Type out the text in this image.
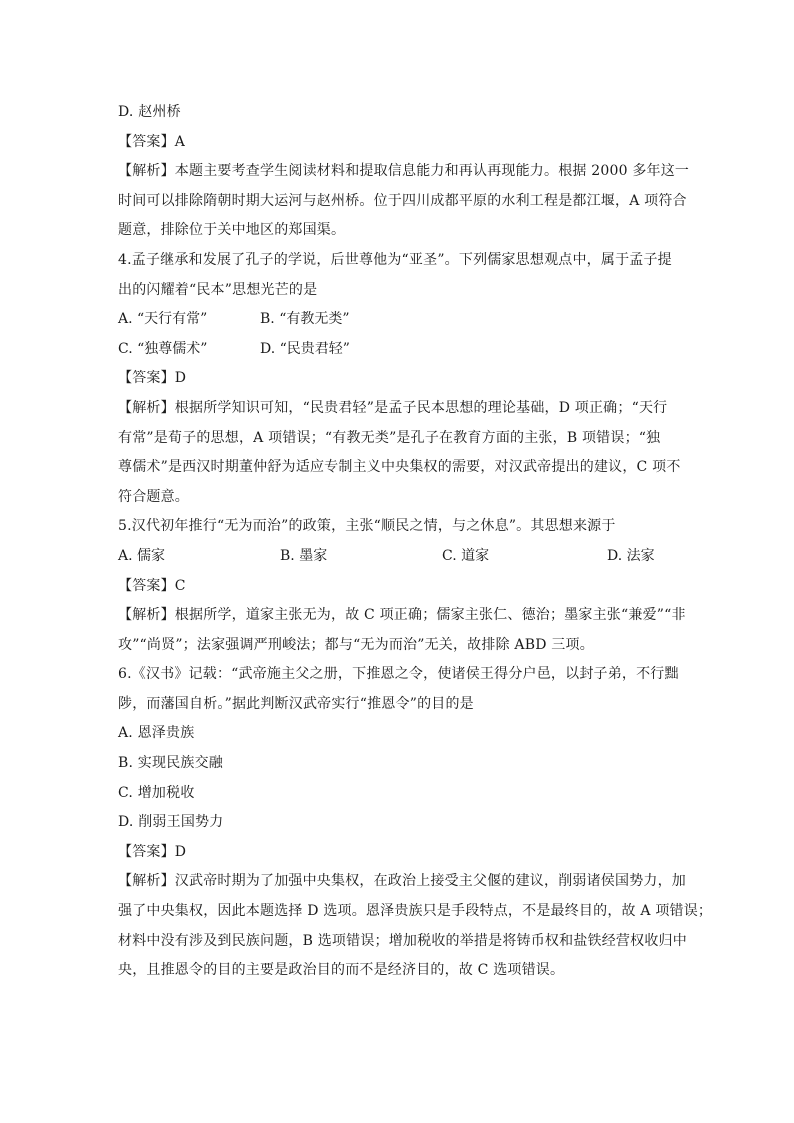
D. 赵州桥
【答案】A
【解析】本题主要考查学生阅读材料和提取信息能力和再认再现能力。根据 2000 多年这一
时间可以排除隋朝时期大运河与赵州桥。位于四川成都平原的水利工程是都江堰，A 项符合
题意，排除位于关中地区的郑国渠。
4.孟子继承和发展了孔子的学说，后世尊他为“亚圣”。下列儒家思想观点中，属于孟子提
出的闪耀着“民本”思想光芒的是
A. “天行有常”	B. “有教无类”
C. “独尊儒术”	D. “民贵君轻”
【答案】D
【解析】根据所学知识可知，“民贵君轻”是孟子民本思想的理论基础，D 项正确；“天行
有常”是荀子的思想，A 项错误；“有教无类”是孔子在教育方面的主张，B 项错误；“独
尊儒术”是西汉时期董仲舒为适应专制主义中央集权的需要，对汉武帝提出的建议，C 项不
符合题意。
5.汉代初年推行“无为而治”的政策，主张“顺民之情，与之休息”。其思想来源于
A. 儒家	B. 墨家	C. 道家	D. 法家
【答案】C
【解析】根据所学，道家主张无为，故 C 项正确；儒家主张仁、德治；墨家主张“兼爱”“非
攻”“尚贤”；法家强调严刑峻法；都与“无为而治”无关，故排除 ABD 三项。
6.《汉书》记载：“武帝施主父之册，下推恩之令，使诸侯王得分户邑，以封子弟，不行黜
陟，而藩国自析。”据此判断汉武帝实行“推恩令”的目的是
A. 恩泽贵族
B. 实现民族交融
C. 增加税收
D. 削弱王国势力
【答案】D
【解析】汉武帝时期为了加强中央集权，在政治上接受主父偃的建议，削弱诸侯国势力，加
强了中央集权，因此本题选择 D 选项。恩泽贵族只是手段特点，不是最终目的，故 A 项错误；
材料中没有涉及到民族问题，B 选项错误；增加税收的举措是将铸币权和盐铁经营权收归中
央，且推恩令的目的主要是政治目的而不是经济目的，故 C 选项错误。
